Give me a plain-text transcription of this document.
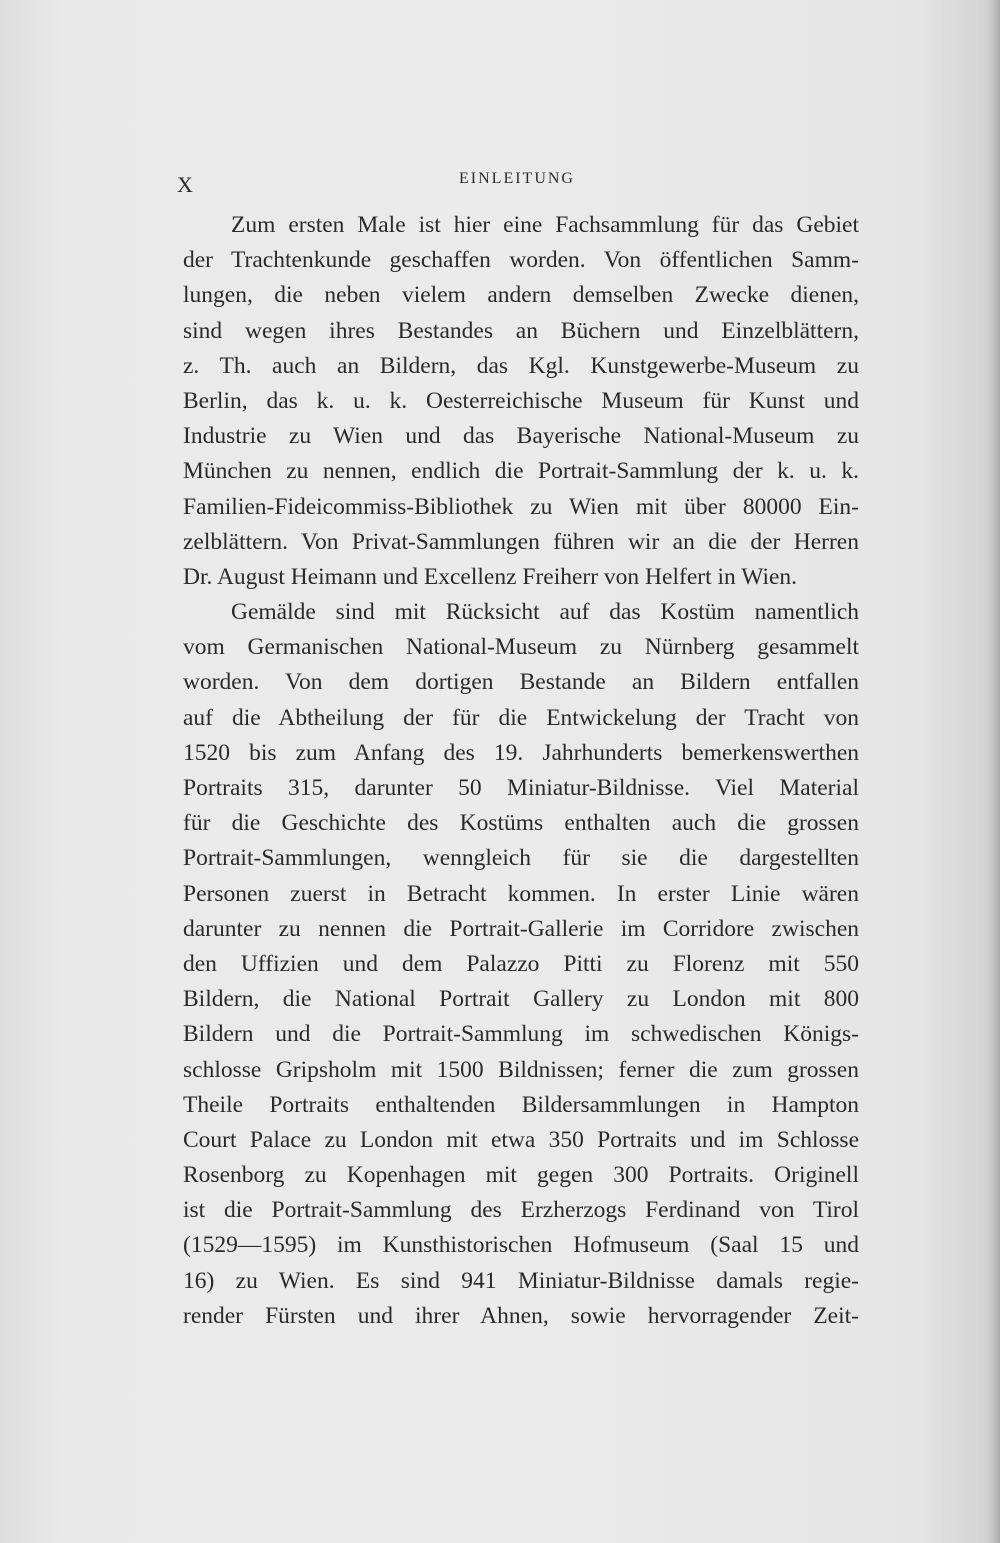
X	EINLEITUNG
Zum ersten Male ist hier eine Fachsammlung für das Gebiet
der Trachtenkunde geschaffen worden. Von öffentlichen Samm-
lungen, die neben vielem andern demselben Zwecke dienen,
sind wegen ihres Bestandes an Büchern und Einzelblättern,
z. Th. auch an Bildern, das Kgl. Kunstgewerbe-Museum zu
Berlin, das k. u. k. Oesterreichische Museum für Kunst und
Industrie zu Wien und das Bayerische National-Museum zu
München zu nennen, endlich die Portrait-Sammlung der k. u. k.
Familien-Fideicommiss-Bibliothek zu Wien mit über 80000 Ein-
zelblättern. Von Privat-Sammlungen führen wir an die der Herren
Dr. August Heimann und Excellenz Freiherr von Helfert in Wien.
Gemälde sind mit Rücksicht auf das Kostüm namentlich
vom Germanischen National-Museum zu Nürnberg gesammelt
worden. Von dem dortigen Bestande an Bildern entfallen
auf die Abtheilung der für die Entwickelung der Tracht von
1520 bis zum Anfang des 19. Jahrhunderts bemerkenswerthen
Portraits 315, darunter 50 Miniatur-Bildnisse. Viel Material
für die Geschichte des Kostüms enthalten auch die grossen
Portrait-Sammlungen, wenngleich für sie die dargestellten
Personen zuerst in Betracht kommen. In erster Linie wären
darunter zu nennen die Portrait-Gallerie im Corridore zwischen
den Uffizien und dem Palazzo Pitti zu Florenz mit 550
Bildern, die National Portrait Gallery zu London mit 800
Bildern und die Portrait-Sammlung im schwedischen Königs-
schlosse Gripsholm mit 1500 Bildnissen; ferner die zum grossen
Theile Portraits enthaltenden Bildersammlungen in Hampton
Court Palace zu London mit etwa 350 Portraits und im Schlosse
Rosenborg zu Kopenhagen mit gegen 300 Portraits. Originell
ist die Portrait-Sammlung des Erzherzogs Ferdinand von Tirol
(1529—1595) im Kunsthistorischen Hofmuseum (Saal 15 und
16) zu Wien. Es sind 941 Miniatur-Bildnisse damals regie-
render Fürsten und ihrer Ahnen, sowie hervorragender Zeit-
